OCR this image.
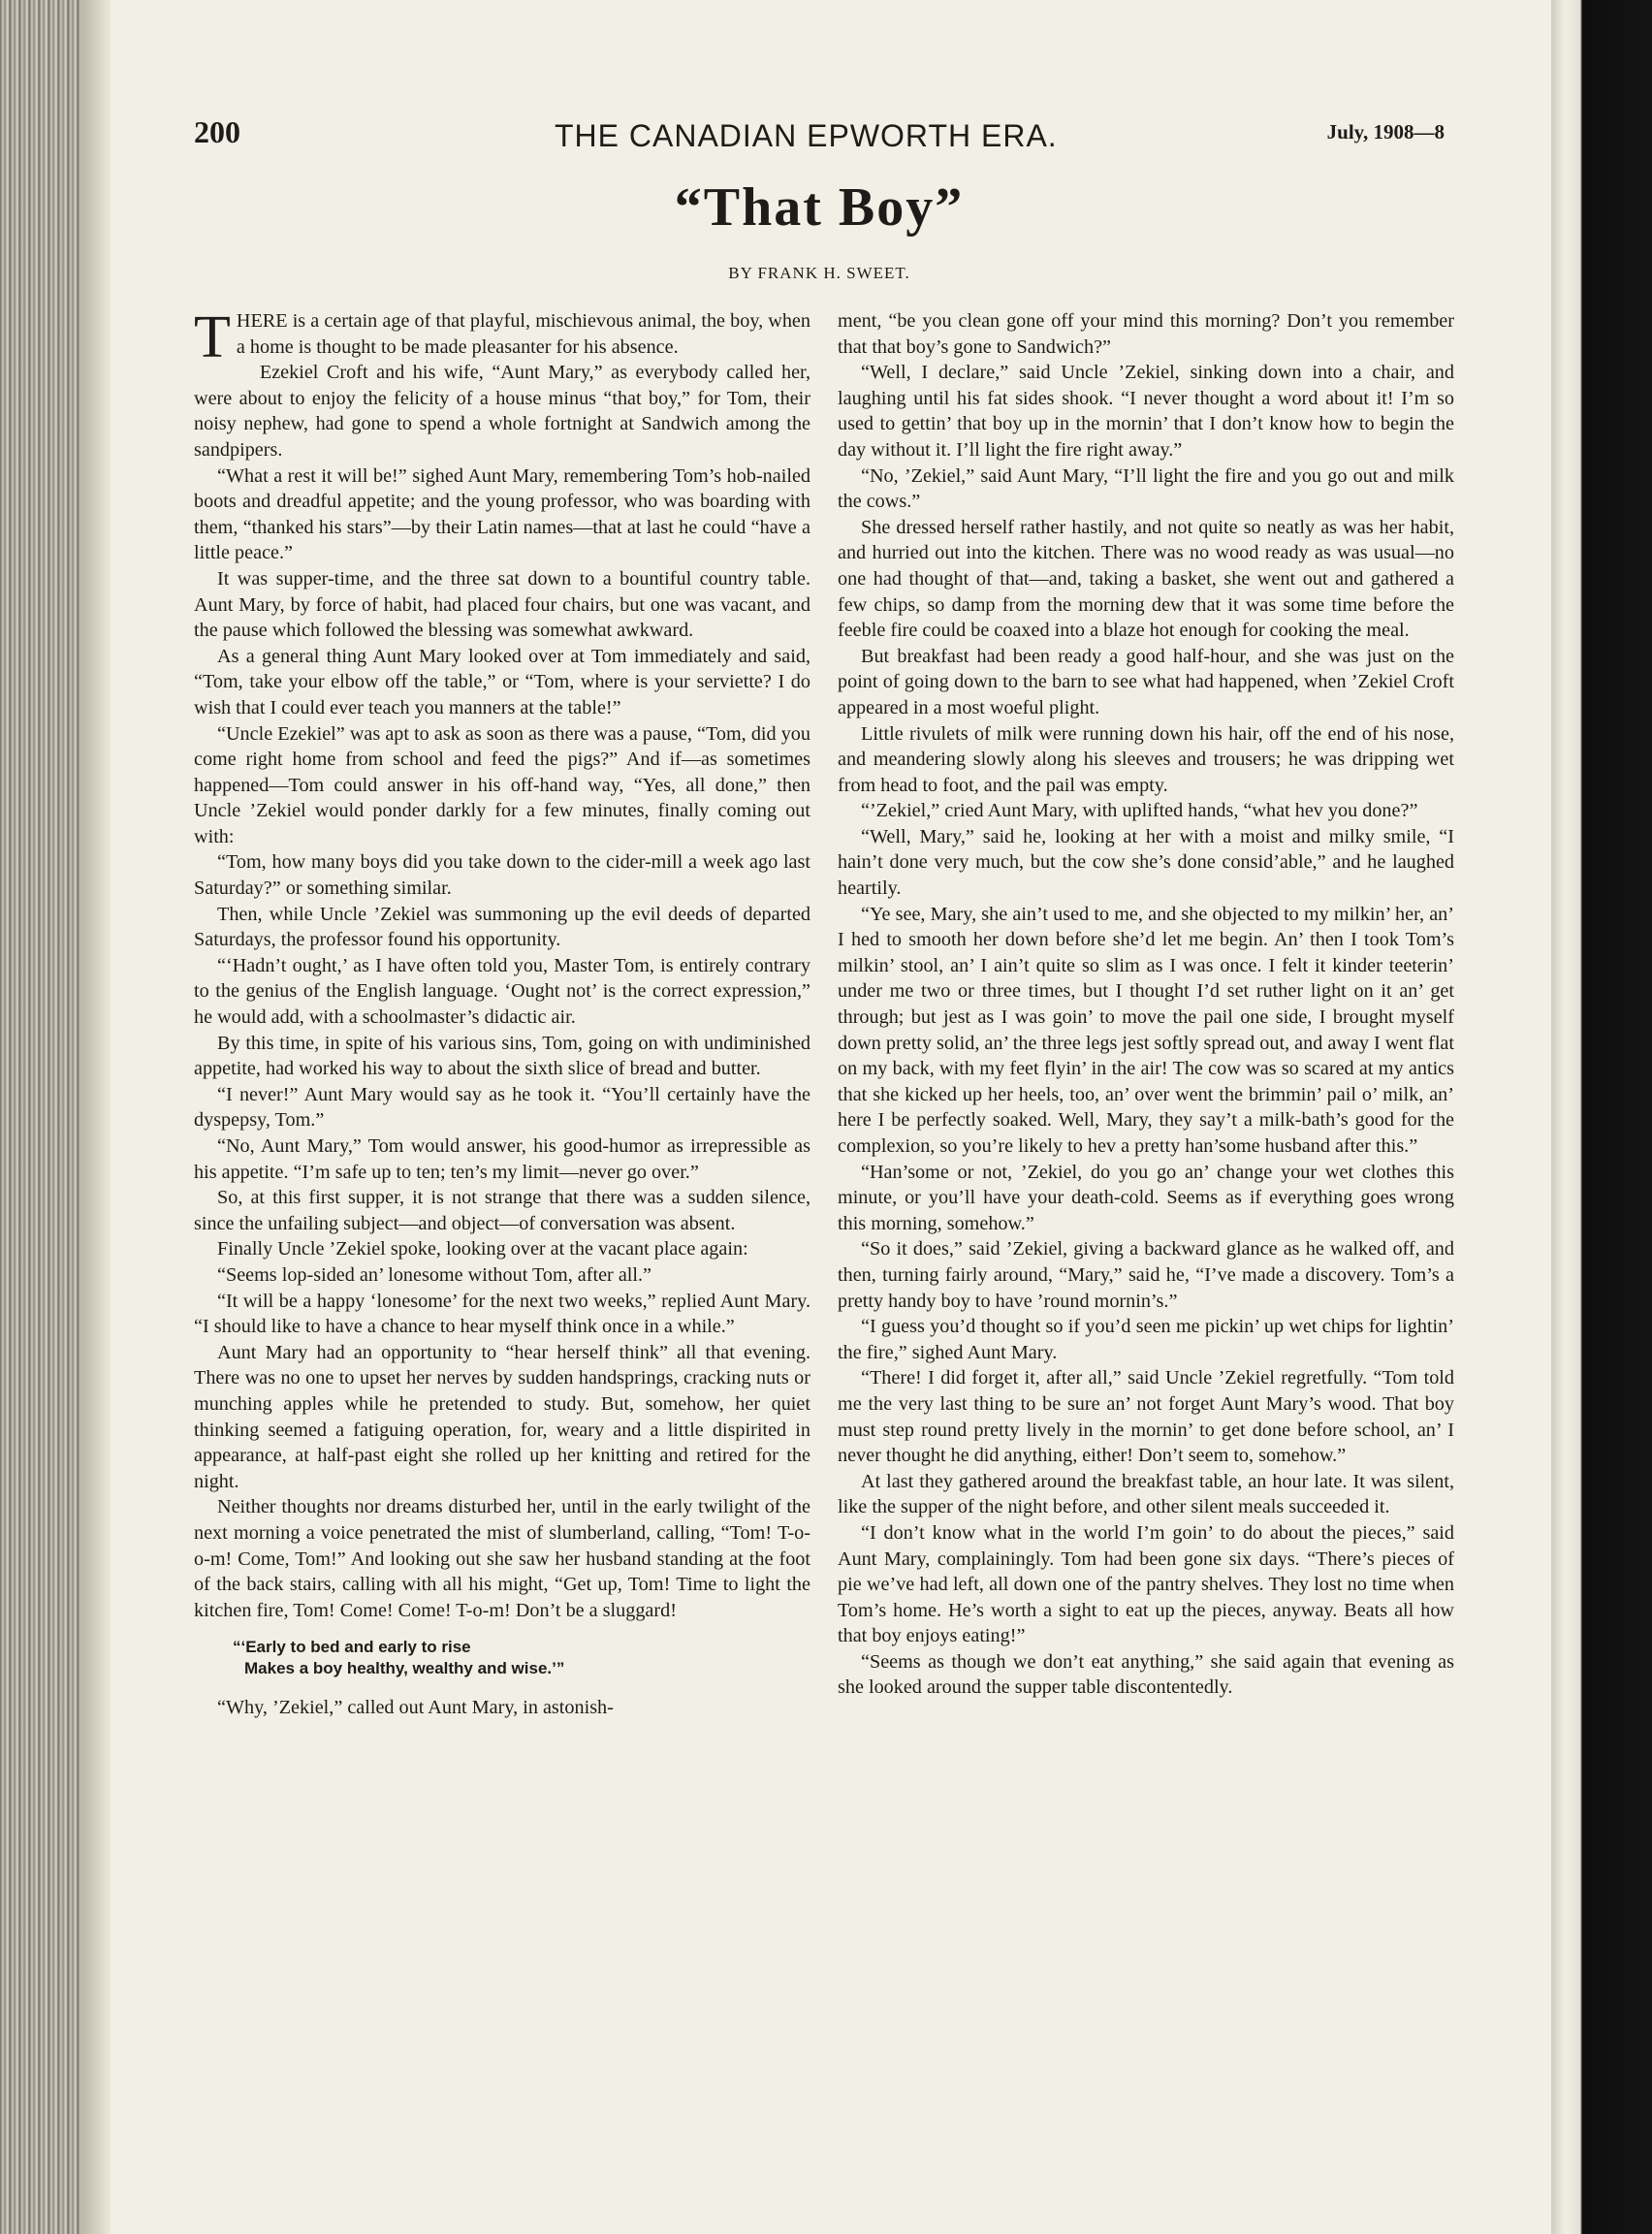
200	THE CANADIAN EPWORTH ERA.	July, 1908—8
“That Boy”
BY FRANK H. SWEET.

THERE is a certain age of that playful, mischievous animal, the boy, when a home is thought to be made pleasanter for his absence.

Ezekiel Croft and his wife, “Aunt Mary,” as everybody called her, were about to enjoy the felicity of a house minus “that boy,” for Tom, their noisy nephew, had gone to spend a whole fortnight at Sandwich among the sandpipers.

“What a rest it will be!” sighed Aunt Mary, remembering Tom’s hob-nailed boots and dreadful appetite; and the young professor, who was boarding with them, “thanked his stars”—by their Latin names—that at last he could “have a little peace.”

It was supper-time, and the three sat down to a bountiful country table. Aunt Mary, by force of habit, had placed four chairs, but one was vacant, and the pause which followed the blessing was somewhat awkward.

As a general thing Aunt Mary looked over at Tom immediately and said, “Tom, take your elbow off the table,” or “Tom, where is your serviette? I do wish that I could ever teach you manners at the table!”

“Uncle Ezekiel” was apt to ask as soon as there was a pause, “Tom, did you come right home from school and feed the pigs?” And if—as sometimes happened—Tom could answer in his off-hand way, “Yes, all done,” then Uncle ’Zekiel would ponder darkly for a few minutes, finally coming out with:

“Tom, how many boys did you take down to the cider-mill a week ago last Saturday?” or something similar.

Then, while Uncle ’Zekiel was summoning up the evil deeds of departed Saturdays, the professor found his opportunity.

“‘Hadn’t ought,’ as I have often told you, Master Tom, is entirely contrary to the genius of the English language. ‘Ought not’ is the correct expression,” he would add, with a schoolmaster’s didactic air.

By this time, in spite of his various sins, Tom, going on with undiminished appetite, had worked his way to about the sixth slice of bread and butter.

“I never!” Aunt Mary would say as he took it. “You’ll certainly have the dyspepsy, Tom.”

“No, Aunt Mary,” Tom would answer, his good-humor as irrepressible as his appetite. “I’m safe up to ten; ten’s my limit—never go over.”

So, at this first supper, it is not strange that there was a sudden silence, since the unfailing subject—and object—of conversation was absent.

Finally Uncle ’Zekiel spoke, looking over at the vacant place again:

“Seems lop-sided an’ lonesome without Tom, after all.”

“It will be a happy ‘lonesome’ for the next two weeks,” replied Aunt Mary. “I should like to have a chance to hear myself think once in a while.”

Aunt Mary had an opportunity to “hear herself think” all that evening. There was no one to upset her nerves by sudden handsprings, cracking nuts or munching apples while he pretended to study. But, somehow, her quiet thinking seemed a fatiguing operation, for, weary and a little dispirited in appearance, at half-past eight she rolled up her knitting and retired for the night.

Neither thoughts nor dreams disturbed her, until in the early twilight of the next morning a voice penetrated the mist of slumberland, calling, “Tom! T-o-o-m! Come, Tom!” And looking out she saw her husband standing at the foot of the back stairs, calling with all his might, “Get up, Tom! Time to light the kitchen fire, Tom! Come! Come! T-o-m! Don’t be a sluggard!

“‘Early to bed and early to rise
Makes a boy healthy, wealthy and wise.’”

“Why, ’Zekiel,” called out Aunt Mary, in astonish-

ment, “be you clean gone off your mind this morning? Don’t you remember that that boy’s gone to Sandwich?”

“Well, I declare,” said Uncle ’Zekiel, sinking down into a chair, and laughing until his fat sides shook. “I never thought a word about it! I’m so used to gettin’ that boy up in the mornin’ that I don’t know how to begin the day without it. I’ll light the fire right away.”

“No, ’Zekiel,” said Aunt Mary, “I’ll light the fire and you go out and milk the cows.”

She dressed herself rather hastily, and not quite so neatly as was her habit, and hurried out into the kitchen. There was no wood ready as was usual—no one had thought of that—and, taking a basket, she went out and gathered a few chips, so damp from the morning dew that it was some time before the feeble fire could be coaxed into a blaze hot enough for cooking the meal.

But breakfast had been ready a good half-hour, and she was just on the point of going down to the barn to see what had happened, when ’Zekiel Croft appeared in a most woeful plight.

Little rivulets of milk were running down his hair, off the end of his nose, and meandering slowly along his sleeves and trousers; he was dripping wet from head to foot, and the pail was empty.

“’Zekiel,” cried Aunt Mary, with uplifted hands, “what hev you done?”

“Well, Mary,” said he, looking at her with a moist and milky smile, “I hain’t done very much, but the cow she’s done consid’able,” and he laughed heartily.

“Ye see, Mary, she ain’t used to me, and she objected to my milkin’ her, an’ I hed to smooth her down before she’d let me begin. An’ then I took Tom’s milkin’ stool, an’ I ain’t quite so slim as I was once. I felt it kinder teeterin’ under me two or three times, but I thought I’d set ruther light on it an’ get through; but jest as I was goin’ to move the pail one side, I brought myself down pretty solid, an’ the three legs jest softly spread out, and away I went flat on my back, with my feet flyin’ in the air! The cow was so scared at my antics that she kicked up her heels, too, an’ over went the brimmin’ pail o’ milk, an’ here I be perfectly soaked. Well, Mary, they say’t a milk-bath’s good for the complexion, so you’re likely to hev a pretty han’some husband after this.”

“Han’some or not, ’Zekiel, do you go an’ change your wet clothes this minute, or you’ll have your death-cold. Seems as if everything goes wrong this morning, somehow.”

“So it does,” said ’Zekiel, giving a backward glance as he walked off, and then, turning fairly around, “Mary,” said he, “I’ve made a discovery. Tom’s a pretty handy boy to have ’round mornin’s.”

“I guess you’d thought so if you’d seen me pickin’ up wet chips for lightin’ the fire,” sighed Aunt Mary.

“There! I did forget it, after all,” said Uncle ’Zekiel regretfully. “Tom told me the very last thing to be sure an’ not forget Aunt Mary’s wood. That boy must step round pretty lively in the mornin’ to get done before school, an’ I never thought he did anything, either! Don’t seem to, somehow.”

At last they gathered around the breakfast table, an hour late. It was silent, like the supper of the night before, and other silent meals succeeded it.

“I don’t know what in the world I’m goin’ to do about the pieces,” said Aunt Mary, complainingly. Tom had been gone six days. “There’s pieces of pie we’ve had left, all down one of the pantry shelves. They lost no time when Tom’s home. He’s worth a sight to eat up the pieces, anyway. Beats all how that boy enjoys eating!”

“Seems as though we don’t eat anything,” she said again that evening as she looked around the supper table discontentedly.
